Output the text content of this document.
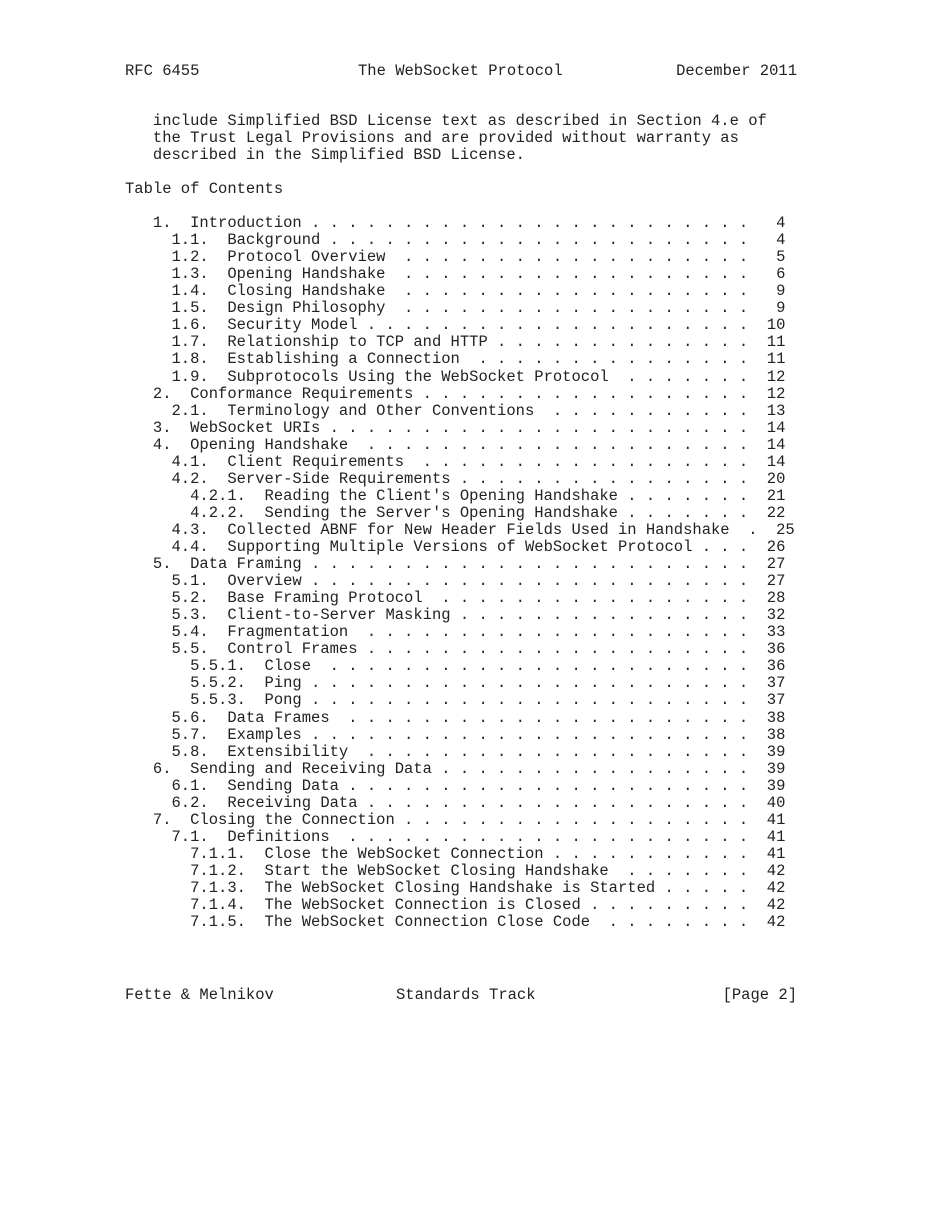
RFC 6455	The WebSocket Protocol	December 2011
include Simplified BSD License text as described in Section 4.e of
the Trust Legal Provisions and are provided without warranty as
described in the Simplified BSD License.
Table of Contents
1.  Introduction . . . . . . . . . . . . . . . . . . . . . . . .   4
1.1.  Background . . . . . . . . . . . . . . . . . . . . . . .   4
1.2.  Protocol Overview  . . . . . . . . . . . . . . . . . . .   5
1.3.  Opening Handshake  . . . . . . . . . . . . . . . . . . .   6
1.4.  Closing Handshake  . . . . . . . . . . . . . . . . . . .   9
1.5.  Design Philosophy  . . . . . . . . . . . . . . . . . . .   9
1.6.  Security Model . . . . . . . . . . . . . . . . . . . . .  10
1.7.  Relationship to TCP and HTTP . . . . . . . . . . . . . .  11
1.8.  Establishing a Connection  . . . . . . . . . . . . . . .  11
1.9.  Subprotocols Using the WebSocket Protocol  . . . . . . .  12
2.  Conformance Requirements . . . . . . . . . . . . . . . . . .  12
2.1.  Terminology and Other Conventions  . . . . . . . . . . .  13
3.  WebSocket URIs . . . . . . . . . . . . . . . . . . . . . . .  14
4.  Opening Handshake  . . . . . . . . . . . . . . . . . . . . .  14
4.1.  Client Requirements  . . . . . . . . . . . . . . . . . .  14
4.2.  Server-Side Requirements . . . . . . . . . . . . . . . .  20
4.2.1.  Reading the Client's Opening Handshake . . . . . . .  21
4.2.2.  Sending the Server's Opening Handshake . . . . . . .  22
4.3.  Collected ABNF for New Header Fields Used in Handshake  .  25
4.4.  Supporting Multiple Versions of WebSocket Protocol . . .  26
5.  Data Framing . . . . . . . . . . . . . . . . . . . . . . . .  27
5.1.  Overview . . . . . . . . . . . . . . . . . . . . . . . .  27
5.2.  Base Framing Protocol  . . . . . . . . . . . . . . . . .  28
5.3.  Client-to-Server Masking . . . . . . . . . . . . . . . .  32
5.4.  Fragmentation  . . . . . . . . . . . . . . . . . . . . .  33
5.5.  Control Frames . . . . . . . . . . . . . . . . . . . . .  36
5.5.1.  Close  . . . . . . . . . . . . . . . . . . . . . . .  36
5.5.2.  Ping . . . . . . . . . . . . . . . . . . . . . . . .  37
5.5.3.  Pong . . . . . . . . . . . . . . . . . . . . . . . .  37
5.6.  Data Frames  . . . . . . . . . . . . . . . . . . . . . .  38
5.7.  Examples . . . . . . . . . . . . . . . . . . . . . . . .  38
5.8.  Extensibility  . . . . . . . . . . . . . . . . . . . . .  39
6.  Sending and Receiving Data . . . . . . . . . . . . . . . . .  39
6.1.  Sending Data . . . . . . . . . . . . . . . . . . . . . .  39
6.2.  Receiving Data . . . . . . . . . . . . . . . . . . . . .  40
7.  Closing the Connection . . . . . . . . . . . . . . . . . . .  41
7.1.  Definitions  . . . . . . . . . . . . . . . . . . . . . .  41
7.1.1.  Close the WebSocket Connection . . . . . . . . . . .  41
7.1.2.  Start the WebSocket Closing Handshake  . . . . . . .  42
7.1.3.  The WebSocket Closing Handshake is Started . . . . .  42
7.1.4.  The WebSocket Connection is Closed . . . . . . . . .  42
7.1.5.  The WebSocket Connection Close Code  . . . . . . . .  42
Fette & Melnikov	Standards Track	[Page 2]
